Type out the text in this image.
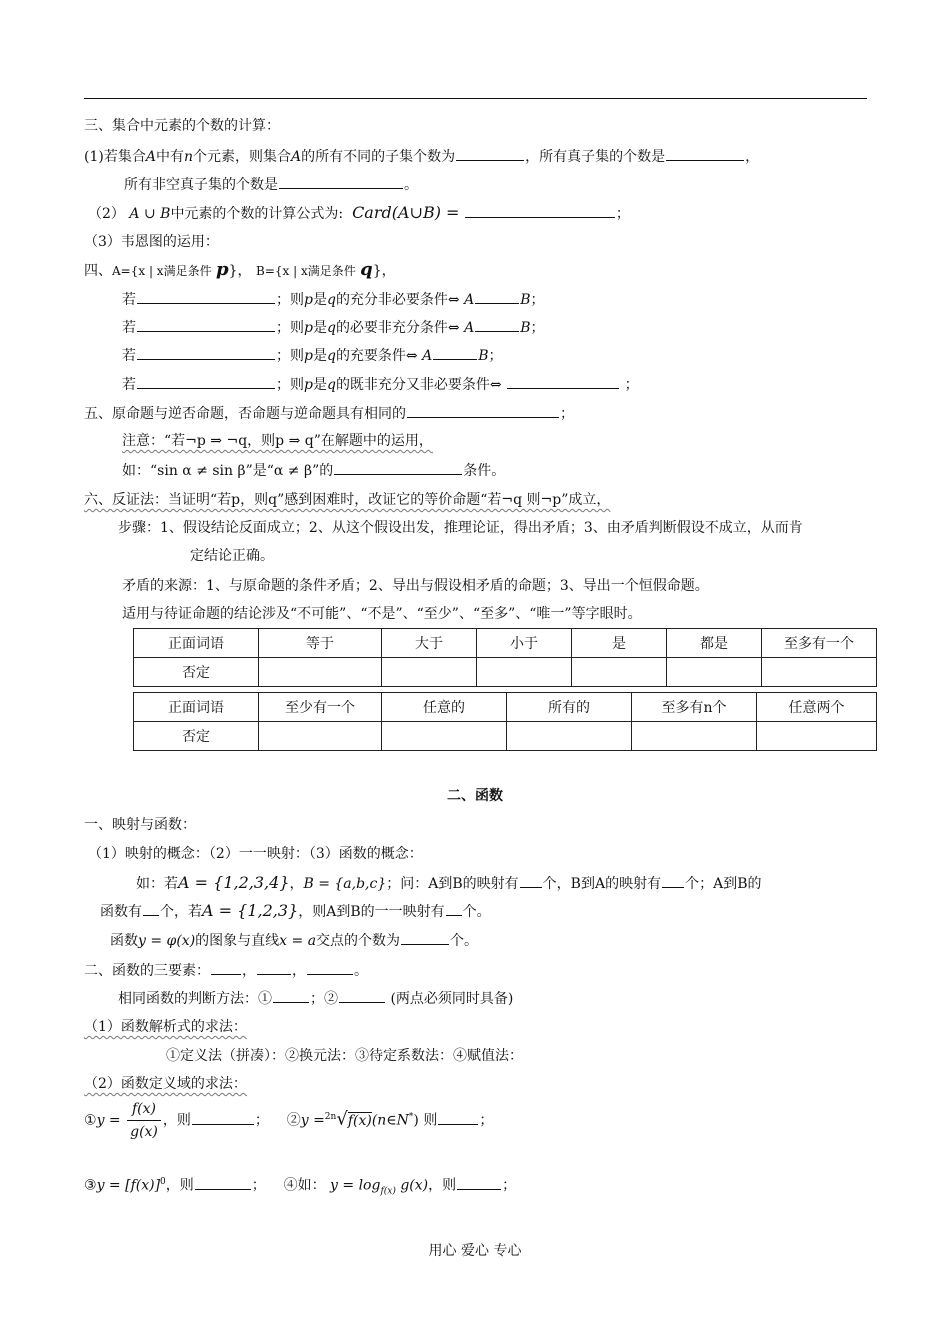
三、集合中元素的个数的计算：
(1)若集合A中有n个元素，则集合A的所有不同的子集个数为	，所有真子集的个数是	，
所有非空真子集的个数是	。
（2） A ∪ B中元素的个数的计算公式为: Card(A∪B) =	；
（3）韦恩图的运用：
四、A={x | x满足条件 p}， B={x | x满足条件 q}，
若	；则p是q的充分非必要条件⇔ A	B；
若	；则p是q的必要非充分条件⇔ A	B；
若	；则p是q的充要条件⇔ A	B；
若	；则p是q的既非充分又非必要条件⇔	；
五、原命题与逆否命题，否命题与逆命题具有相同的	；
注意：“若¬p ⇒ ¬q，则p ⇒ q”在解题中的运用，
如：“sin α ≠ sin β”是“α ≠ β”的	条件。
六、反证法：当证明“若p，则q”感到困难时，改证它的等价命题“若¬q 则¬p”成立，
步骤：1、假设结论反面成立；2、从这个假设出发，推理论证，得出矛盾；3、由矛盾判断假设不成立，从而肯
定结论正确。
矛盾的来源：1、与原命题的条件矛盾；2、导出与假设相矛盾的命题；3、导出一个恒假命题。
适用与待证命题的结论涉及“不可能”、“不是”、“至少”、“至多”、“唯一”等字眼时。
正面词语	等于	大于	小于	是	都是	至多有一个
否定						
正面词语	至少有一个	任意的	所有的	至多有n个	任意两个
否定					
二、函数
一、映射与函数：
（1）映射的概念：（2）一一映射：（3）函数的概念：
如：若A = {1,2,3,4}，B = {a,b,c}；问：A到B的映射有 个，B到A的映射有 个；A到B的
函数有 个，若A = {1,2,3}，则A到B的一一映射有 个。
函数y = φ(x)的图象与直线x = a交点的个数为	个。
二、函数的三要素： ，	，	。
相同函数的判断方法：①	；②	(两点必须同时具备)
（1）函数解析式的求法：
①定义法（拼凑）：②换元法：③待定系数法：④赋值法：
（2）函数定义域的求法：
①y = $\frac{f(x)}{g(x)}$ ，则	； ②y =$^{2n}$√f(x)(n∈N*) 则	；
③y = $[f(x)]^0$，则	； ④如： $y = \log_{f(x)} g(x)$，则	；
用心 爱心 专心
